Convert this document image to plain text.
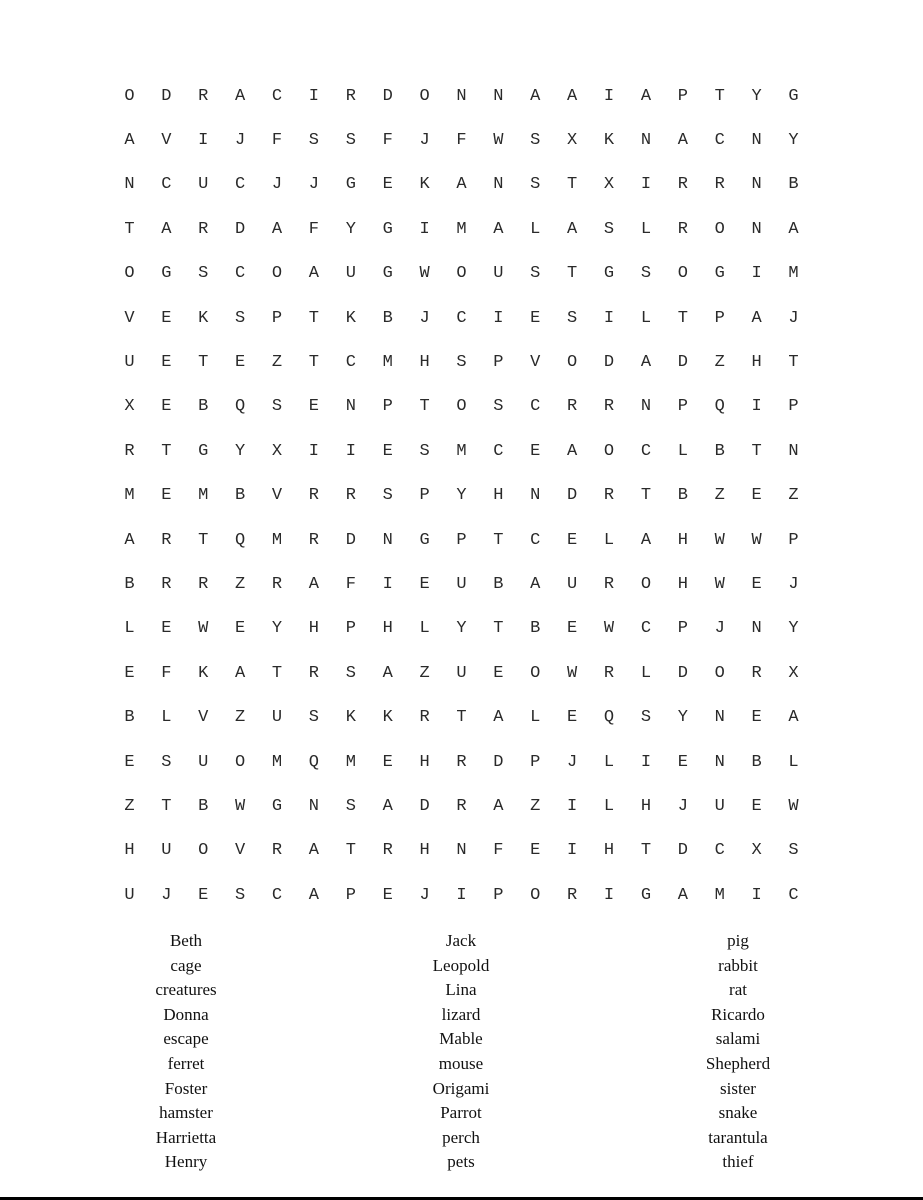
O	D	R	A	C	I	R	D	O	N	N	A	A	I	A	P	T	Y	G
A	V	I	J	F	S	S	F	J	F	W	S	X	K	N	A	C	N	Y
N	C	U	C	J	J	G	E	K	A	N	S	T	X	I	R	R	N	B
T	A	R	D	A	F	Y	G	I	M	A	L	A	S	L	R	O	N	A
O	G	S	C	O	A	U	G	W	O	U	S	T	G	S	O	G	I	M
V	E	K	S	P	T	K	B	J	C	I	E	S	I	L	T	P	A	J
U	E	T	E	Z	T	C	M	H	S	P	V	O	D	A	D	Z	H	T
X	E	B	Q	S	E	N	P	T	O	S	C	R	R	N	P	Q	I	P
R	T	G	Y	X	I	I	E	S	M	C	E	A	O	C	L	B	T	N
M	E	M	B	V	R	R	S	P	Y	H	N	D	R	T	B	Z	E	Z
A	R	T	Q	M	R	D	N	G	P	T	C	E	L	A	H	W	W	P
B	R	R	Z	R	A	F	I	E	U	B	A	U	R	O	H	W	E	J
L	E	W	E	Y	H	P	H	L	Y	T	B	E	W	C	P	J	N	Y
E	F	K	A	T	R	S	A	Z	U	E	O	W	R	L	D	O	R	X
B	L	V	Z	U	S	K	K	R	T	A	L	E	Q	S	Y	N	E	A
E	S	U	O	M	Q	M	E	H	R	D	P	J	L	I	E	N	B	L
Z	T	B	W	G	N	S	A	D	R	A	Z	I	L	H	J	U	E	W
H	U	O	V	R	A	T	R	H	N	F	E	I	H	T	D	C	X	S
U	J	E	S	C	A	P	E	J	I	P	O	R	I	G	A	M	I	C
Beth
cage
creatures
Donna
escape
ferret
Foster
hamster
Harrietta
Henry
Jack
Leopold
Lina
lizard
Mable
mouse
Origami
Parrot
perch
pets
pig
rabbit
rat
Ricardo
salami
Shepherd
sister
snake
tarantula
thief
